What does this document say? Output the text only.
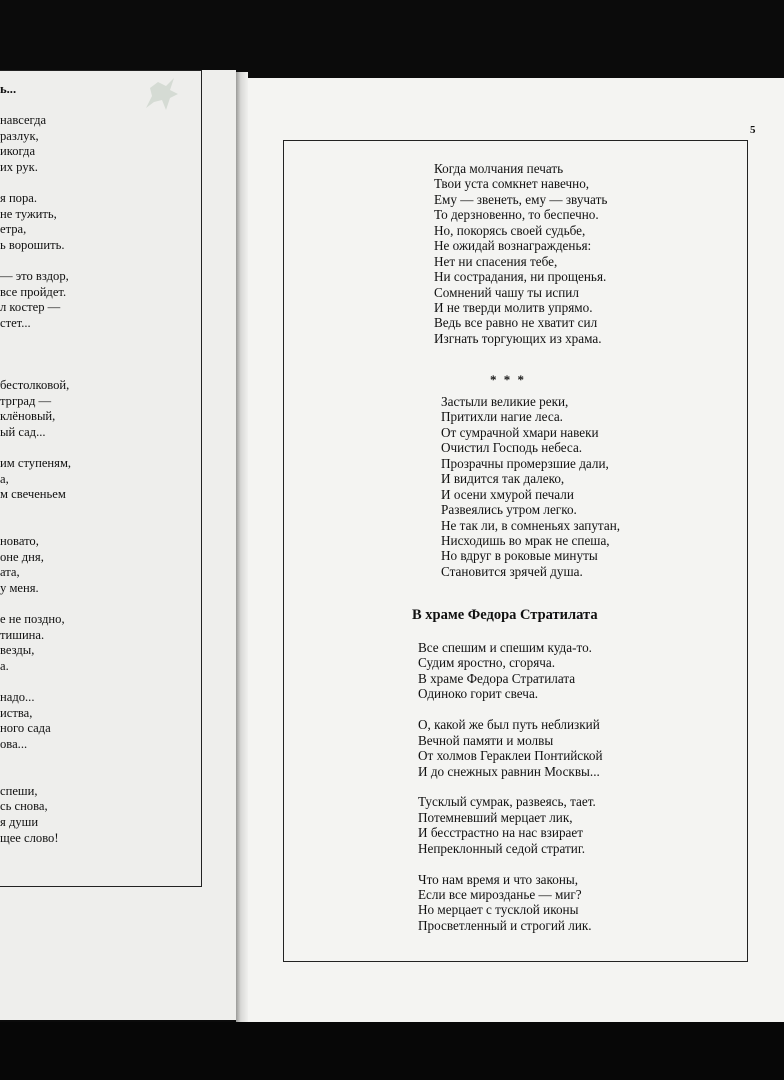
ь...
навсегда
разлук,
икогда
их рук.
я пора.
не тужить,
етра,
ь ворошить.
— это вздор,
все пройдет.
л костер —
стет...
бестолковой,
трград —
клёновый,
ый сад...
им ступеням,
а,
м свеченьем
новато,
оне дня,
ата,
у меня.
е не поздно,
тишина.
везды,
а.
надо...
иства,
ного сада
ова...
спеши,
сь снова,
я души
щее слово!
5
Когда молчания печать
Твои уста сомкнет навечно,
Ему — звенеть, ему — звучать
То дерзновенно, то беспечно.
Но, покорясь своей судьбе,
Не ожидай вознагражденья:
Нет ни спасения тебе,
Ни сострадания, ни прощенья.
Сомнений чашу ты испил
И не тверди молитв упрямо.
Ведь все равно не хватит сил
Изгнать торгующих из храма.
* * *
Застыли великие реки,
Притихли нагие леса.
От сумрачной хмари навеки
Очистил Господь небеса.
Прозрачны промерзшие дали,
И видится так далеко,
И осени хмурой печали
Развеялись утром легко.
Не так ли, в сомненьях запутан,
Нисходишь во мрак не спеша,
Но вдруг в роковые минуты
Становится зрячей душа.
В храме Федора Стратилата
Все спешим и спешим куда-то.
Судим яростно, сгоряча.
В храме Федора Стратилата
Одиноко горит свеча.
О, какой же был путь неблизкий
Вечной памяти и молвы
От холмов Гераклеи Понтийской
И до снежных равнин Москвы...
Тусклый сумрак, развеясь, тает.
Потемневший мерцает лик,
И бесстрастно на нас взирает
Непреклонный седой стратиг.
Что нам время и что законы,
Если все мирозданье — миг?
Но мерцает с тусклой иконы
Просветленный и строгий лик.
